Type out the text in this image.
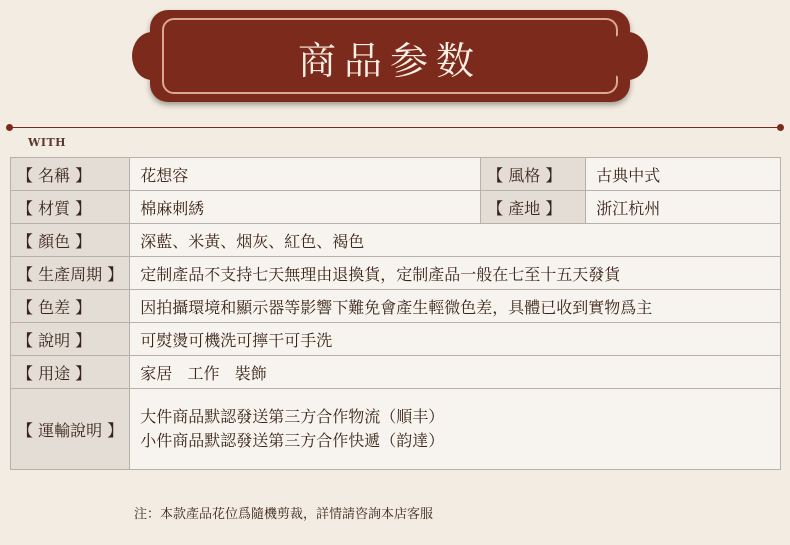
商品参数
WITH
【 名稱 】	花想容	【 風格 】	古典中式
【 材質 】	棉麻刺綉	【 產地 】	浙江杭州
【 顏色 】	深藍、米黃、烟灰、紅色、褐色		
【 生產周期 】	定制產品不支持七天無理由退換貨，定制產品一般在七至十五天發貨		
【 色差 】	因拍攝環境和顯示器等影響下難免會產生輕微色差，具體已收到實物爲主		
【 說明 】	可熨燙可機洗可擰干可手洗		
【 用途 】	家居   工作   裝飾		
【 運輸說明 】	大件商品默認發送第三方合作物流（順丰）
小件商品默認發送第三方合作快遞（韵達）		
注：本款產品花位爲隨機剪裁，詳情請咨詢本店客服
